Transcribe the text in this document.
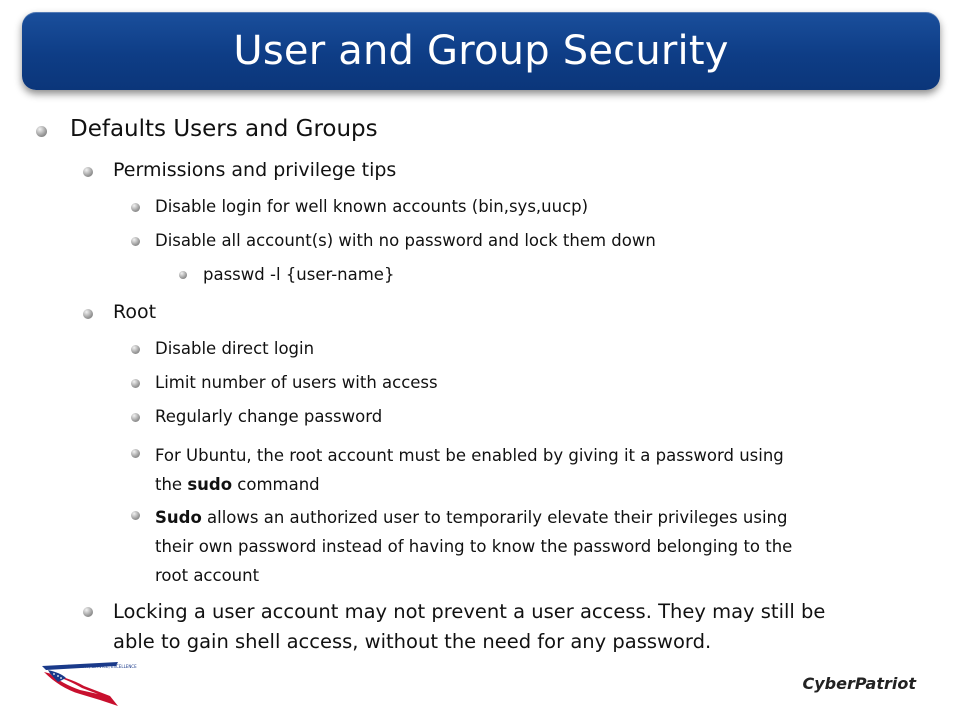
User and Group Security
Defaults Users and Groups
Permissions and privilege tips
Disable login for well known accounts (bin,sys,uucp)
Disable all account(s) with no password and lock them down
passwd -l {user-name}
Root
Disable direct login
Limit number of users with access
Regularly change password
For Ubuntu, the root account must be enabled by giving it a password using
the sudo command
Sudo allows an authorized user to temporarily elevate their privileges using
their own password instead of having to know the password belonging to the
root account
Locking a user account may not prevent a user access. They may still be
able to gain shell access, without the need for any password.
INTEGRITY, SERVICE, EXCELLENCE
CyberPatriot
